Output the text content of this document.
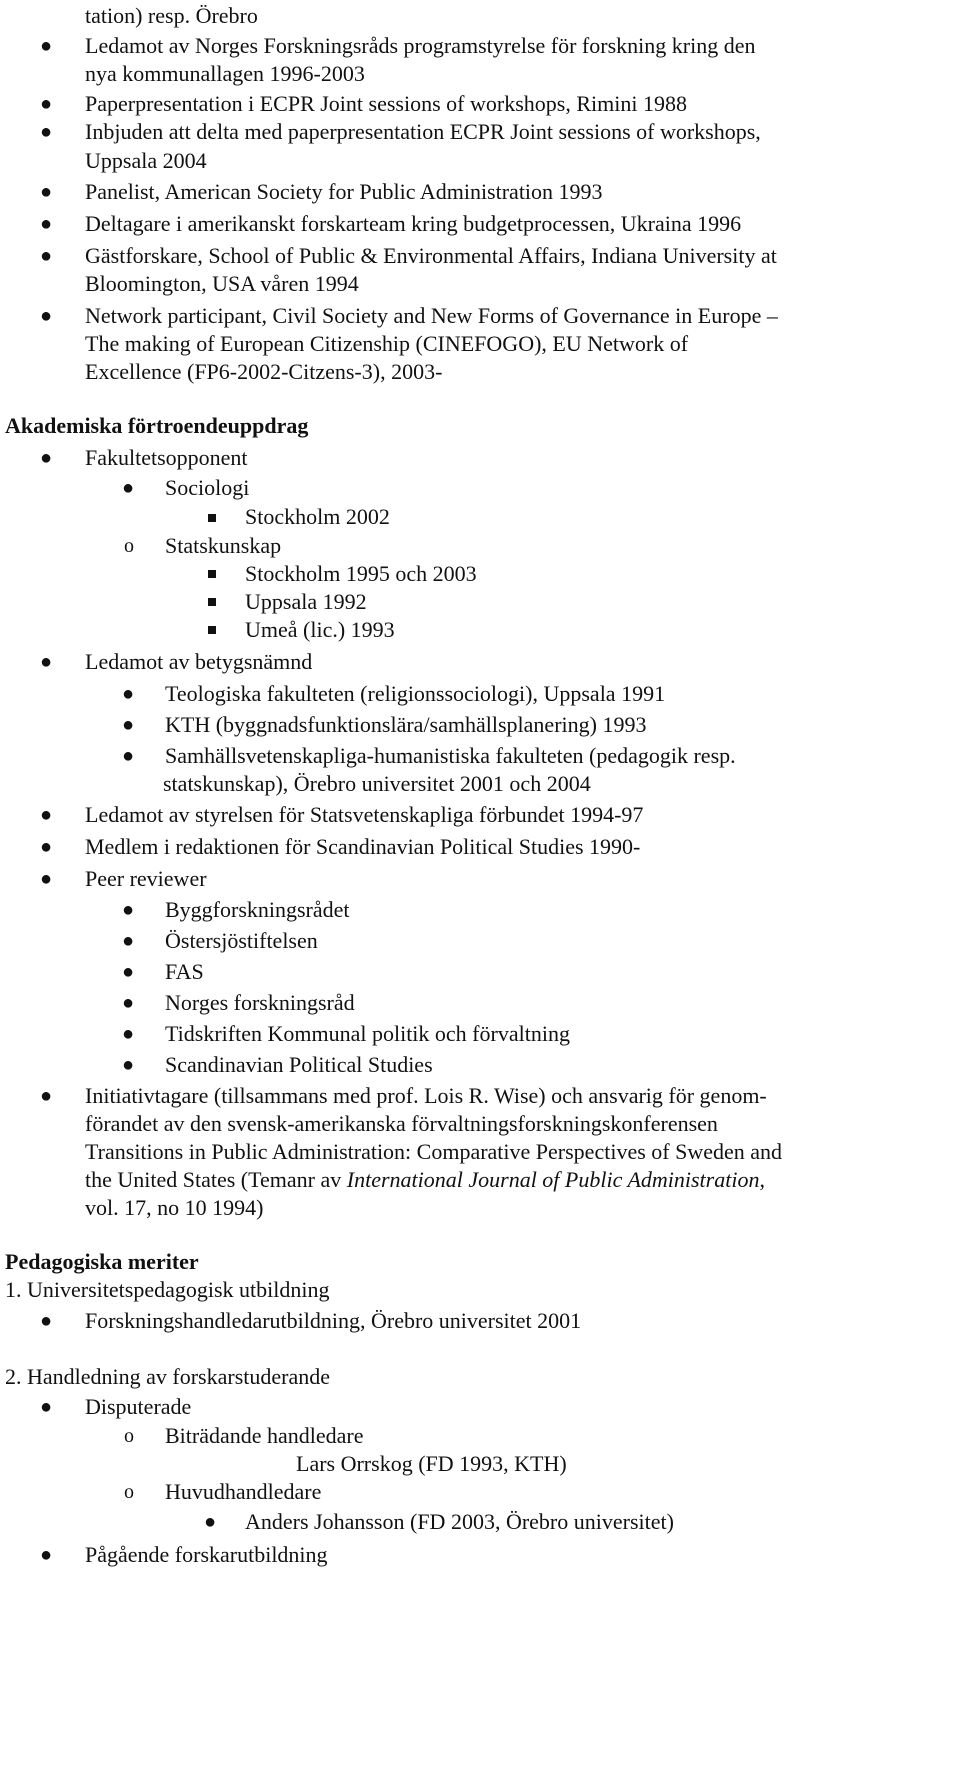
tation) resp. Örebro
● Ledamot av Norges Forskningsråds programstyrelse för forskning kring den
nya kommunallagen 1996-2003
● Paperpresentation i ECPR Joint sessions of workshops, Rimini 1988
● Inbjuden att delta med paperpresentation ECPR Joint sessions of workshops,
Uppsala 2004
● Panelist, American Society for Public Administration 1993
● Deltagare i amerikanskt forskarteam kring budgetprocessen, Ukraina 1996
● Gästforskare, School of Public & Environmental Affairs, Indiana University at
Bloomington, USA våren 1994
● Network participant, Civil Society and New Forms of Governance in Europe –
The making of European Citizenship (CINEFOGO), EU Network of
Excellence (FP6-2002-Citzens-3), 2003-
Akademiska förtroendeuppdrag
● Fakultetsopponent
● Sociologi
Stockholm 2002
o Statskunskap
Stockholm 1995 och 2003
Uppsala 1992
Umeå (lic.) 1993
● Ledamot av betygsnämnd
● Teologiska fakulteten (religionssociologi), Uppsala 1991
● KTH (byggnadsfunktionslära/samhällsplanering) 1993
● Samhällsvetenskapliga-humanistiska fakulteten (pedagogik resp.
statskunskap), Örebro universitet 2001 och 2004
● Ledamot av styrelsen för Statsvetenskapliga förbundet 1994-97
● Medlem i redaktionen för Scandinavian Political Studies 1990-
● Peer reviewer
● Byggforskningsrådet
● Östersjöstiftelsen
● FAS
● Norges forskningsråd
● Tidskriften Kommunal politik och förvaltning
● Scandinavian Political Studies
● Initiativtagare (tillsammans med prof. Lois R. Wise) och ansvarig för genom-
förandet av den svensk-amerikanska förvaltningsforskningskonferensen
Transitions in Public Administration: Comparative Perspectives of Sweden and
the United States (Temanr av International Journal of Public Administration,
vol. 17, no 10 1994)
Pedagogiska meriter
1. Universitetspedagogisk utbildning
● Forskningshandledarutbildning, Örebro universitet 2001
2. Handledning av forskarstuderande
● Disputerade
o Biträdande handledare
Lars Orrskog (FD 1993, KTH)
o Huvudhandledare
● Anders Johansson (FD 2003, Örebro universitet)
● Pågående forskarutbildning
